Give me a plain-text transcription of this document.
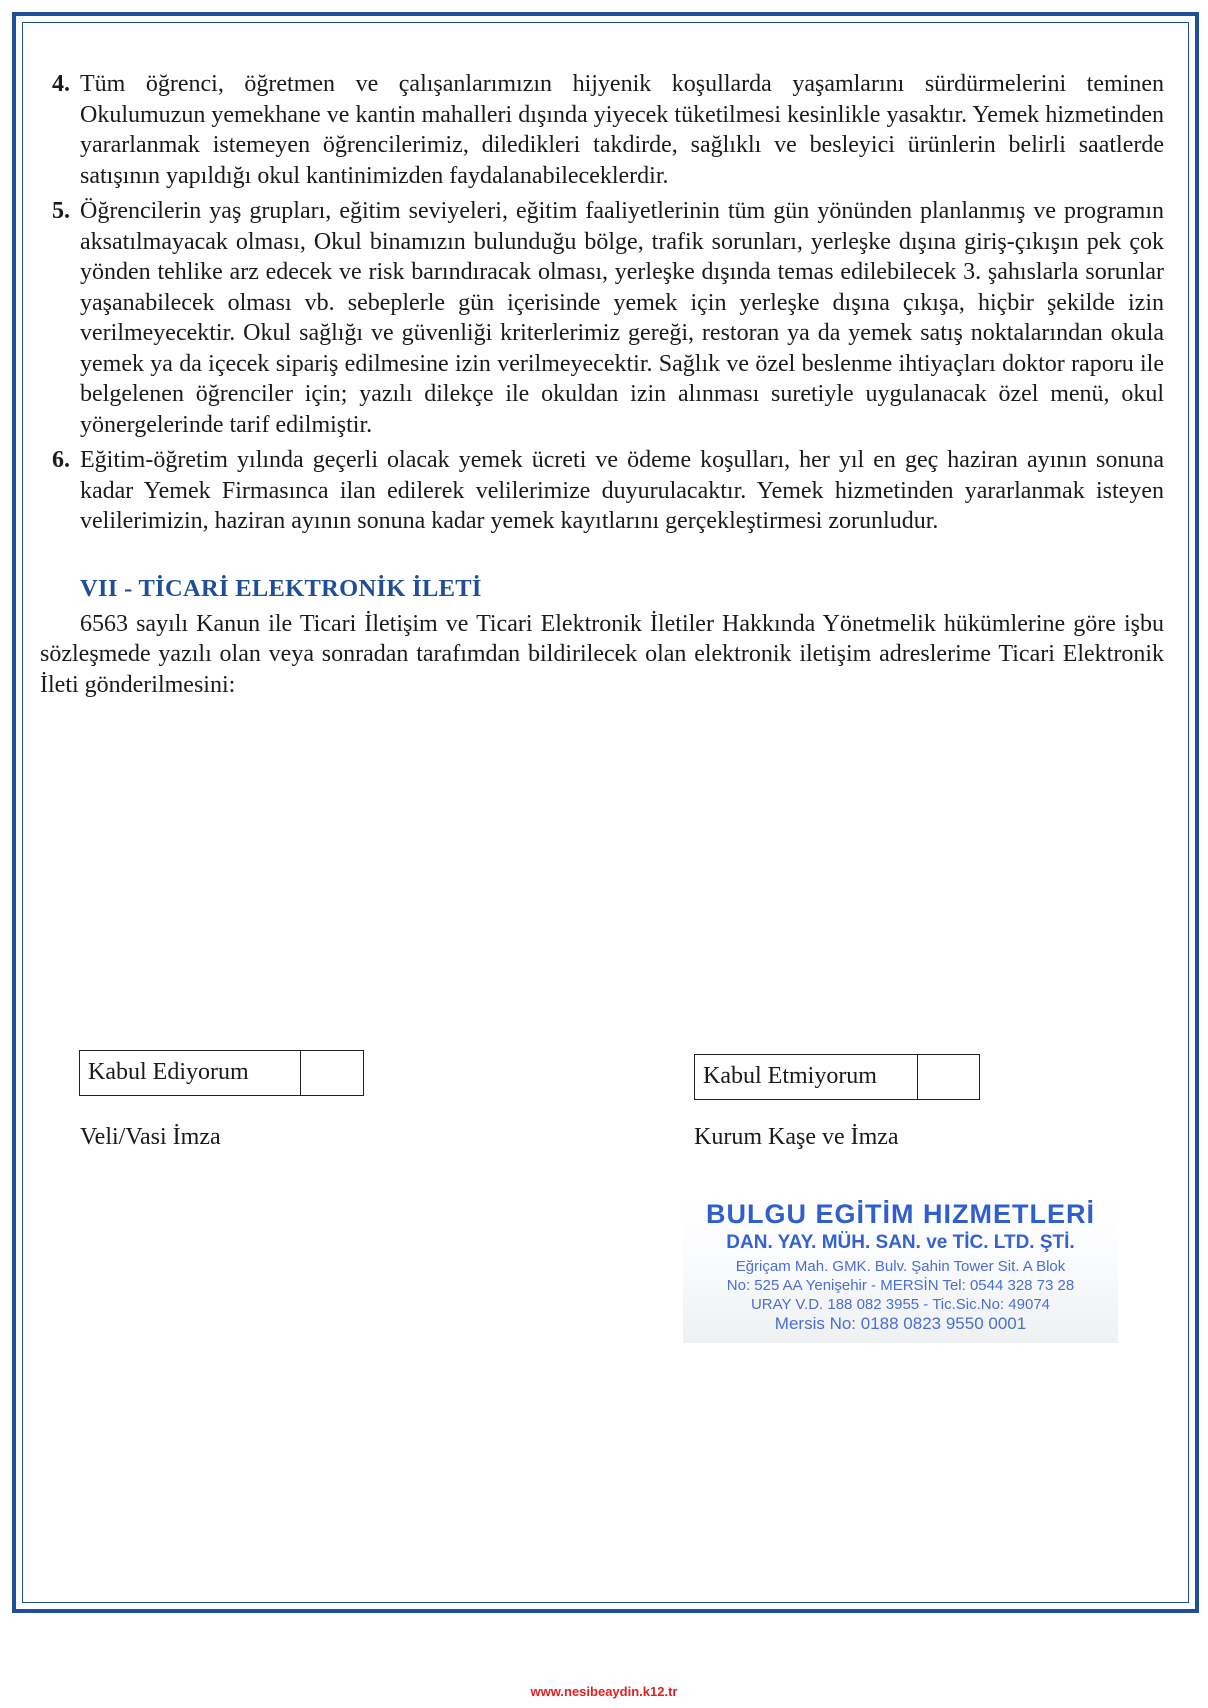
4. Tüm öğrenci, öğretmen ve çalışanlarımızın hijyenik koşullarda yaşamlarını sürdürmelerini teminen Okulumuzun yemekhane ve kantin mahalleri dışında yiyecek tüketilmesi kesinlikle yasaktır. Yemek hizmetinden yararlanmak istemeyen öğrencilerimiz, diledikleri takdirde, sağlıklı ve besleyici ürünlerin belirli saatlerde satışının yapıldığı okul kantinimizden faydalanabileceklerdir.
5. Öğrencilerin yaş grupları, eğitim seviyeleri, eğitim faaliyetlerinin tüm gün yönünden planlanmış ve programın aksatılmayacak olması, Okul binamızın bulunduğu bölge, trafik sorunları, yerleşke dışına giriş-çıkışın pek çok yönden tehlike arz edecek ve risk barındıracak olması, yerleşke dışında temas edilebilecek 3. şahıslarla sorunlar yaşanabilecek olması vb. sebeplerle gün içerisinde yemek için yerleşke dışına çıkışa, hiçbir şekilde izin verilmeyecektir. Okul sağlığı ve güvenliği kriterlerimiz gereği, restoran ya da yemek satış noktalarından okula yemek ya da içecek sipariş edilmesine izin verilmeyecektir. Sağlık ve özel beslenme ihtiyaçları doktor raporu ile belgelenen öğrenciler için; yazılı dilekçe ile okuldan izin alınması suretiyle uygulanacak özel menü, okul yönergelerinde tarif edilmiştir.
6. Eğitim-öğretim yılında geçerli olacak yemek ücreti ve ödeme koşulları, her yıl en geç haziran ayının sonuna kadar Yemek Firmasınca ilan edilerek velilerimize duyurulacaktır. Yemek hizmetinden yararlanmak isteyen velilerimizin, haziran ayının sonuna kadar yemek kayıtlarını gerçekleştirmesi zorunludur.
VII - TİCARİ ELEKTRONİK İLETİ
6563 sayılı Kanun ile Ticari İletişim ve Ticari Elektronik İletiler Hakkında Yönetmelik hükümlerine göre işbu sözleşmede yazılı olan veya sonradan tarafımdan bildirilecek olan elektronik iletişim adreslerime Ticari Elektronik İleti gönderilmesini:
Kabul Ediyorum	Kabul Etmiyorum
Veli/Vasi İmza	Kurum Kaşe ve İmza
BULGU EGİTİM HIZMETLERİ
DAN. YAY. MÜH. SAN. ve TİC. LTD. ŞTİ.
Eğriçam Mah. GMK. Bulv. Şahin Tower Sit. A Blok
No: 525 AA Yenişehir - MERSİN Tel: 0544 328 73 28
URAY V.D. 188 082 3955 - Tic.Sic.No: 49074
Mersis No: 0188 0823 9550 0001
www.nesibeaydin.k12.tr
